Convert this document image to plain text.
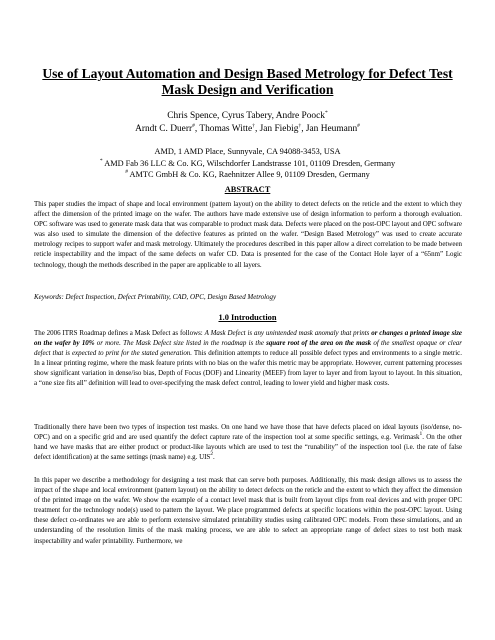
Use of Layout Automation and Design Based Metrology for Defect Test Mask Design and Verification
Chris Spence, Cyrus Tabery, Andre Poock*
Arndt C. Duerr#, Thomas Witte†, Jan Fiebig†, Jan Heumann#
AMD, 1 AMD Place, Sunnyvale, CA 94088-3453, USA
* AMD Fab 36 LLC & Co. KG, Wilschdorfer Landstrasse 101, 01109 Dresden, Germany
# AMTC GmbH & Co. KG, Raehnitzer Allee 9, 01109 Dresden, Germany
ABSTRACT

This paper studies the impact of shape and local environment (pattern layout) on the ability to detect defects on the reticle and the extent to which they affect the dimension of the printed image on the wafer. The authors have made extensive use of design information to perform a thorough evaluation. OPC software was used to generate mask data that was comparable to product mask data. Defects were placed on the post-OPC layout and OPC software was also used to simulate the dimension of the defective features as printed on the wafer. “Design Based Metrology” was used to create accurate metrology recipes to support wafer and mask metrology. Ultimately the procedures described in this paper allow a direct correlation to be made between reticle inspectability and the impact of the same defects on wafer CD. Data is presented for the case of the Contact Hole layer of a “65nm” Logic technology, though the methods described in the paper are applicable to all layers.

Keywords: Defect Inspection, Defect Printability, CAD, OPC, Design Based Metrology

1.0 Introduction

The 2006 ITRS Roadmap defines a Mask Defect as follows: A Mask Defect is any unintended mask anomaly that prints or changes a printed image size on the wafer by 10% or more. The Mask Defect size listed in the roadmap is the square root of the area on the mask of the smallest opaque or clear defect that is expected to print for the stated generation. This definition attempts to reduce all possible defect types and environments to a single metric. In a linear printing regime, where the mask feature prints with no bias on the wafer this metric may be appropriate. However, current patterning processes show significant variation in dense/iso bias, Depth of Focus (DOF) and Linearity (MEEF) from layer to layer and from layout to layout. In this situation, a “one size fits all” definition will lead to over-specifying the mask defect control, leading to lower yield and higher mask costs.

Traditionally there have been two types of inspection test masks. On one hand we have those that have defects placed on ideal layouts (iso/dense, no-OPC) and on a specific grid and are used quantify the defect capture rate of the inspection tool at some specific settings, e.g. Verimask$^1$. On the other hand we have masks that are either product or product-like layouts which are used to test the “runability” of the inspection tool (i.e. the rate of false defect identification) at the same settings (mask name) e.g. UIS$^2$.

In this paper we describe a methodology for designing a test mask that can serve both purposes. Additionally, this mask design allows us to assess the impact of the shape and local environment (pattern layout) on the ability to detect defects on the reticle and the extent to which they affect the dimension of the printed image on the wafer. We show the example of a contact level mask that is built from layout clips from real devices and with proper OPC treatment for the technology node(s) used to pattern the layout. We place programmed defects at specific locations within the post-OPC layout. Using these defect co-ordinates we are able to perform extensive simulated printability studies using calibrated OPC models. From these simulations, and an understanding of the resolution limits of the mask making process, we are able to select an appropriate range of defect sizes to test both mask inspectability and wafer printability. Furthermore, we
